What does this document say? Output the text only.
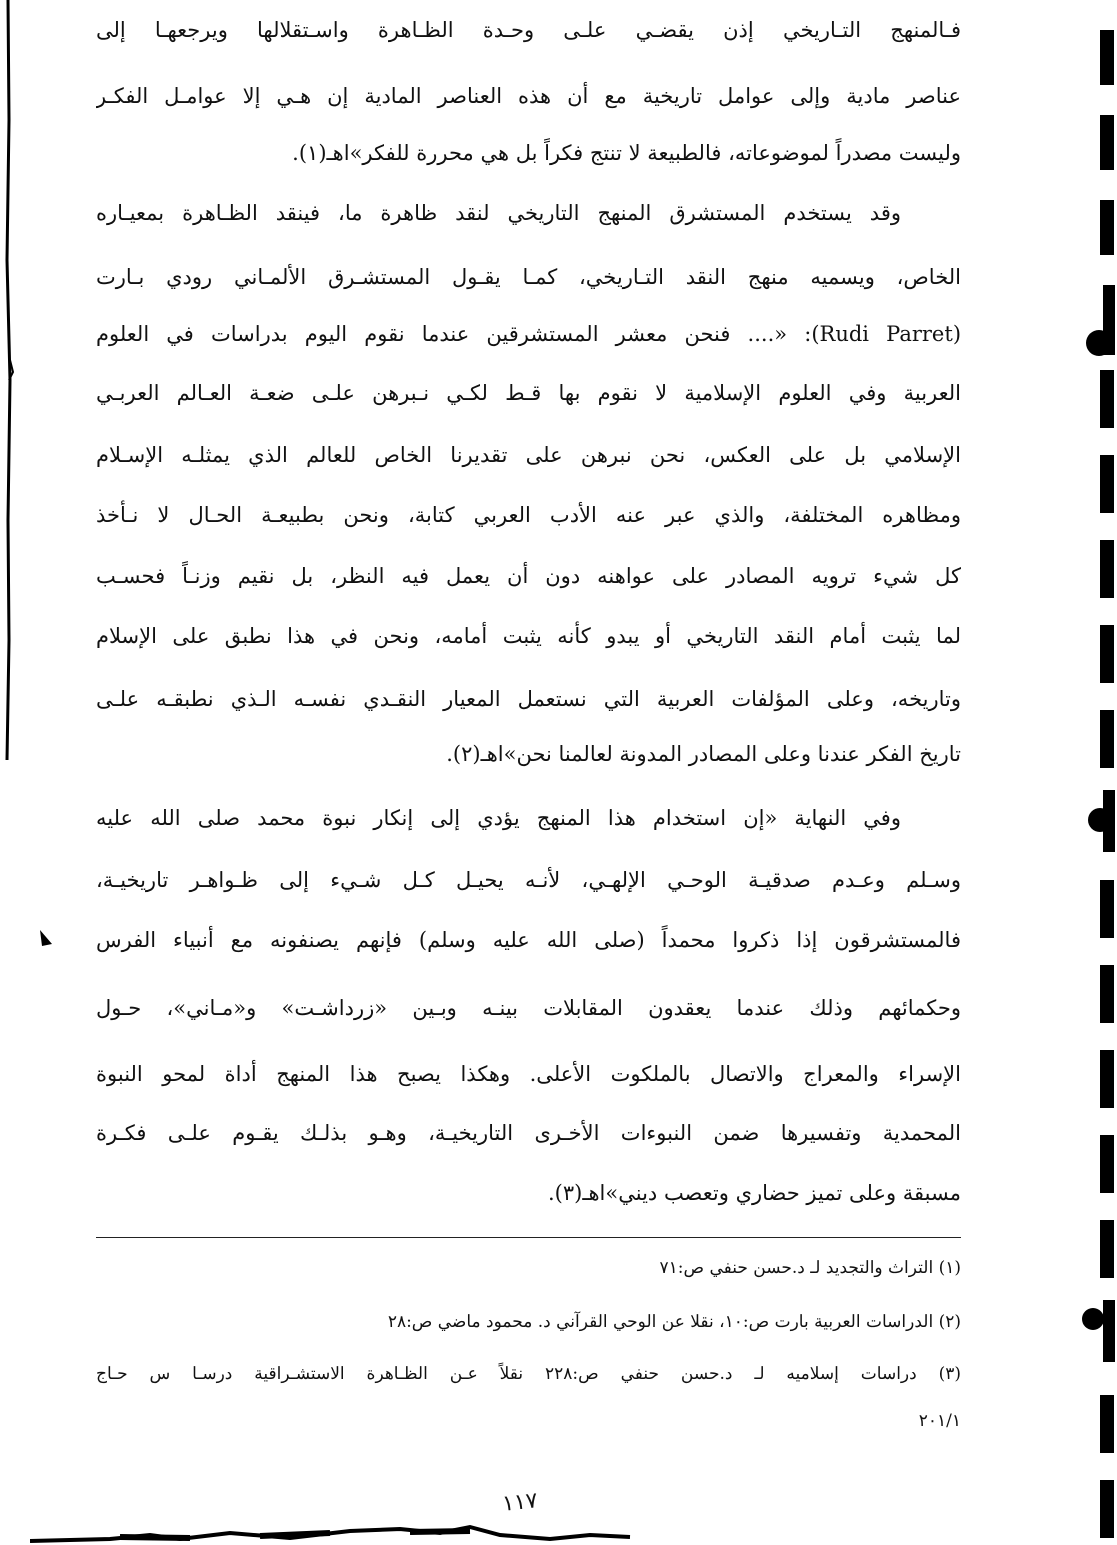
فـالمنهج التـاريخي إذن يقضـي علـى وحـدة الظـاهرة واسـتقلالها ويرجعهـا إلى
عناصر مادية وإلى عوامل تاريخية مع أن هذه العناصر المادية إن هـي إلا عوامـل الفكـر
وليست مصدراً لموضوعاته، فالطبيعة لا تنتج فكراً بل هي محررة للفكر»اهـ(١).
وقد يستخدم المستشرق المنهج التاريخي لنقد ظاهرة ما، فينقد الظـاهرة بمعيـاره
الخاص، ويسميه منهج النقد التـاريخي، كمـا يقـول المستشـرق الألمـاني رودي بـارت
(Rudi Parret): «.... فنحن معشر المستشرقين عندما نقوم اليوم بدراسات في العلوم
العربية وفي العلوم الإسلامية لا نقوم بها قـط لكـي نـبرهن علـى ضعـة العـالم العربـي
الإسلامي بل على العكس، نحن نبرهن على تقديرنا الخاص للعالم الذي يمثلـه الإسـلام
ومظاهره المختلفة، والذي عبر عنه الأدب العربي كتابة، ونحن بطبيعـة الحـال لا نـأخذ
كل شيء ترويه المصادر على عواهنه دون أن يعمل فيه النظر، بل نقيم وزنـاً فحسـب
لما يثبت أمام النقد التاريخي أو يبدو كأنه يثبت أمامه، ونحن في هذا نطبق على الإسلام
وتاريخه، وعلى المؤلفات العربية التي نستعمل المعيار النقـدي نفسـه الـذي نطبقـه علـى
تاريخ الفكر عندنا وعلى المصادر المدونة لعالمنا نحن»اهـ(٢).
وفي النهاية «إن استخدام هذا المنهج يؤدي إلى إنكار نبوة محمد صلى الله عليه
وسـلم وعـدم صدقيـة الوحـي الإلهـي، لأنـه يحيـل كـل شـيء إلى ظـواهـر تاريخيـة،
فالمستشرقون إذا ذكروا محمداً (صلى الله عليه وسلم) فإنهم يصنفونه مع أنبياء الفرس
وحكمائهم وذلك عندما يعقدون المقابلات بينـه وبـين «زرداشـت» و«مـاني»، حـول
الإسراء والمعراج والاتصال بالملكوت الأعلى. وهكذا يصبح هذا المنهج أداة لمحو النبوة
المحمدية وتفسيرها ضمن النبوءات الأخـرى التاريخيـة، وهـو بذلـك يقـوم علـى فكـرة
مسبقة وعلى تميز حضاري وتعصب ديني»اهـ(٣).
(١) التراث والتجديد لـ د.حسن حنفي ص:٧١
(٢) الدراسات العربية بارت ص:١٠، نقلا عن الوحي القرآني د. محمود ماضي ص:٢٨
(٣) دراسات إسلاميه لـ د.حسن حنفي ص:٢٢٨ نقلاً عـن الظـاهرة الاستشـراقية درسـا س حـاج
٢٠١/١
١١٧
